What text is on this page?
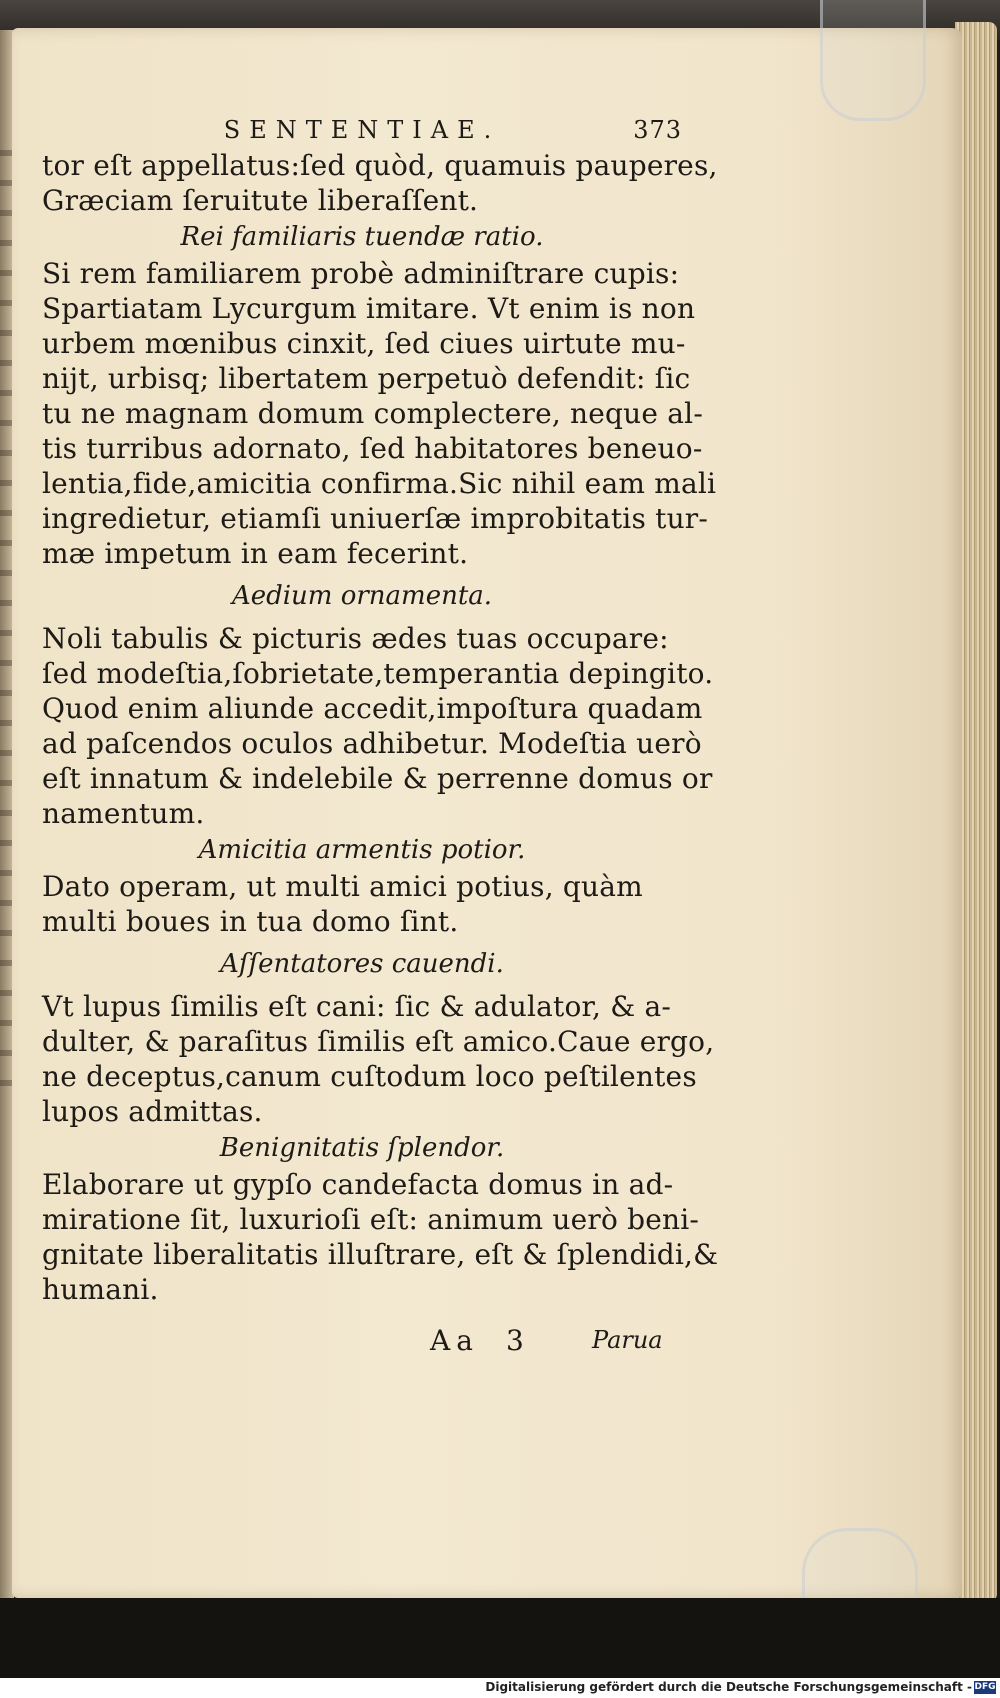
SENTENTIAE.	373
tor eſt appellatus:ſed quòd, quamuis pauperes,
Græciam ſeruitute liberaſſent.
Rei familiaris tuendæ ratio.
Si rem familiarem probè adminiſtrare cupis:
Spartiatam Lycurgum imitare. Vt enim is non
urbem mœnibus cinxit, ſed ciues uirtute mu-
nijt, urbisq; libertatem perpetuò defendit: ſic
tu ne magnam domum complectere, neque al-
tis turribus adornato, ſed habitatores beneuo-
lentia,fide,amicitia confirma.Sic nihil eam mali
ingredietur, etiamſi uniuerſæ improbitatis tur-
mæ impetum in eam fecerint.
Aedium ornamenta.
Noli tabulis & picturis ædes tuas occupare:
ſed modeſtia,ſobrietate,temperantia depingito.
Quod enim aliunde accedit,impoſtura quadam
ad paſcendos oculos adhibetur. Modeſtia uerò
eſt innatum & indelebile & perrenne domus or
namentum.
Amicitia armentis potior.
Dato operam, ut multi amici potius, quàm
multi boues in tua domo ſint.
Aſſentatores cauendi.
Vt lupus ſimilis eſt cani: ſic & adulator, & a-
dulter, & paraſitus ſimilis eſt amico.Caue ergo,
ne deceptus,canum cuſtodum loco peſtilentes
lupos admittas.
Benignitatis ſplendor.
Elaborare ut gypſo candefacta domus in ad-
miratione ſit, luxurioſi eſt: animum uerò beni-
gnitate liberalitatis illuſtrare, eſt & ſplendidi,&
humani.
Aa 3	Parua
Digitalisierung gefördert durch die Deutsche Forschungsgemeinschaft - DFG
